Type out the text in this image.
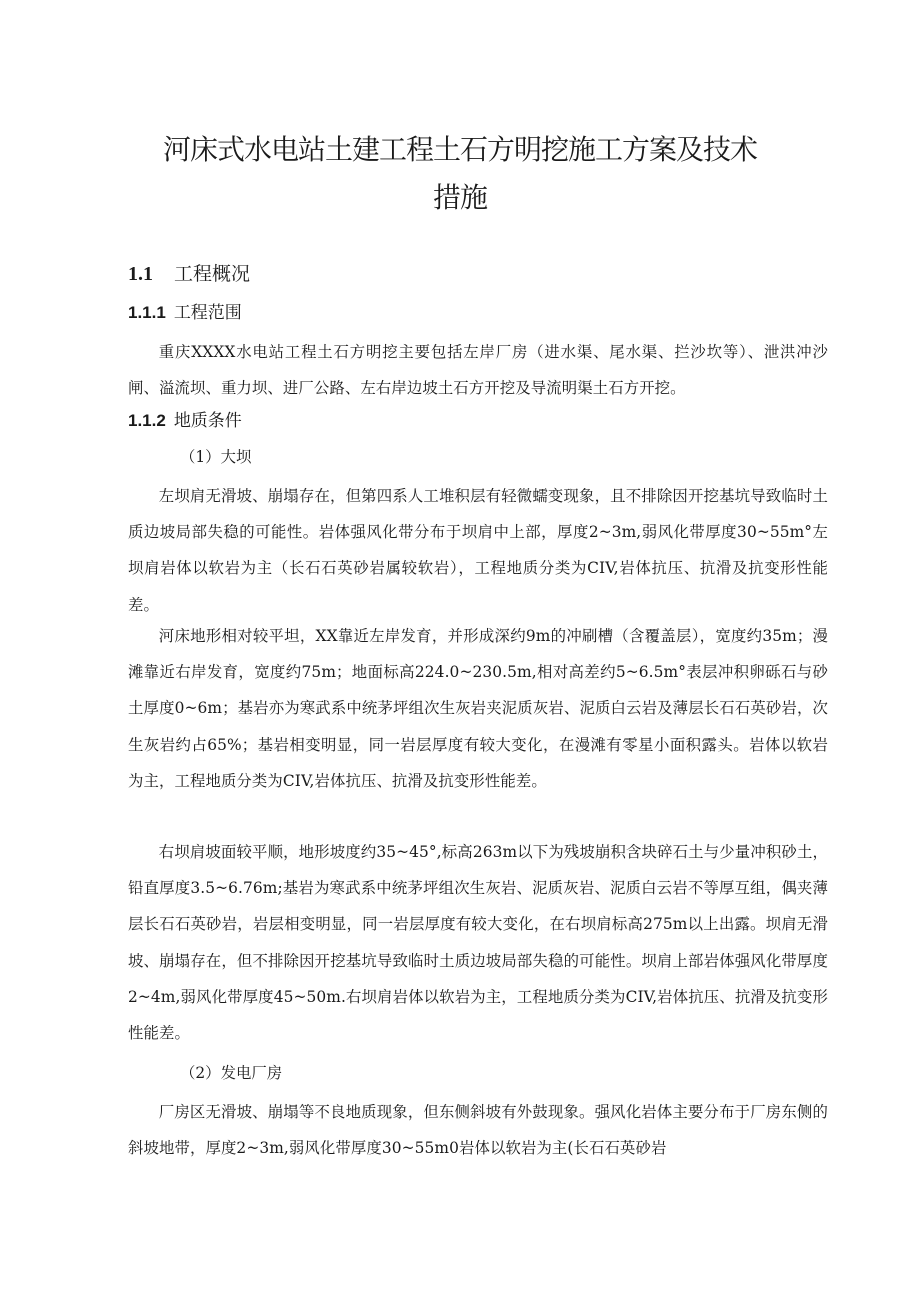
河床式水电站土建工程土石方明挖施工方案及技术
措施
1.1 工程概况
1.1.1 工程范围

重庆XXXX水电站工程土石方明挖主要包括左岸厂房（进水渠、尾水渠、拦沙坎等）、泄洪冲沙闸、溢流坝、重力坝、进厂公路、左右岸边坡土石方开挖及导流明渠土石方开挖。

1.1.2 地质条件

（1）大坝

左坝肩无滑坡、崩塌存在，但第四系人工堆积层有轻微蠕变现象，且不排除因开挖基坑导致临时土质边坡局部失稳的可能性。岩体强风化带分布于坝肩中上部，厚度2~3m,弱风化带厚度30~55m°左坝肩岩体以软岩为主（长石石英砂岩属较软岩），工程地质分类为CIV,岩体抗压、抗滑及抗变形性能差。

河床地形相对较平坦，XX靠近左岸发育，并形成深约9m的冲刷槽（含覆盖层），宽度约35m；漫滩靠近右岸发育，宽度约75m；地面标高224.0~230.5m,相对高差约5~6.5m°表层冲积卵砾石与砂土厚度0~6m；基岩亦为寒武系中统茅坪组次生灰岩夹泥质灰岩、泥质白云岩及薄层长石石英砂岩，次生灰岩约占65%；基岩相变明显，同一岩层厚度有较大变化，在漫滩有零星小面积露头。岩体以软岩为主，工程地质分类为CIV,岩体抗压、抗滑及抗变形性能差。

右坝肩坡面较平顺，地形坡度约35~45°,标高263m以下为残坡崩积含块碎石土与少量冲积砂土，铅直厚度3.5~6.76m;基岩为寒武系中统茅坪组次生灰岩、泥质灰岩、泥质白云岩不等厚互组，偶夹薄层长石石英砂岩，岩层相变明显，同一岩层厚度有较大变化，在右坝肩标高275m以上出露。坝肩无滑坡、崩塌存在，但不排除因开挖基坑导致临时土质边坡局部失稳的可能性。坝肩上部岩体强风化带厚度2~4m,弱风化带厚度45~50m.右坝肩岩体以软岩为主，工程地质分类为CIV,岩体抗压、抗滑及抗变形性能差。

（2）发电厂房

厂房区无滑坡、崩塌等不良地质现象，但东侧斜坡有外鼓现象。强风化岩体主要分布于厂房东侧的斜坡地带，厚度2~3m,弱风化带厚度30~55m0岩体以软岩为主(长石石英砂岩
